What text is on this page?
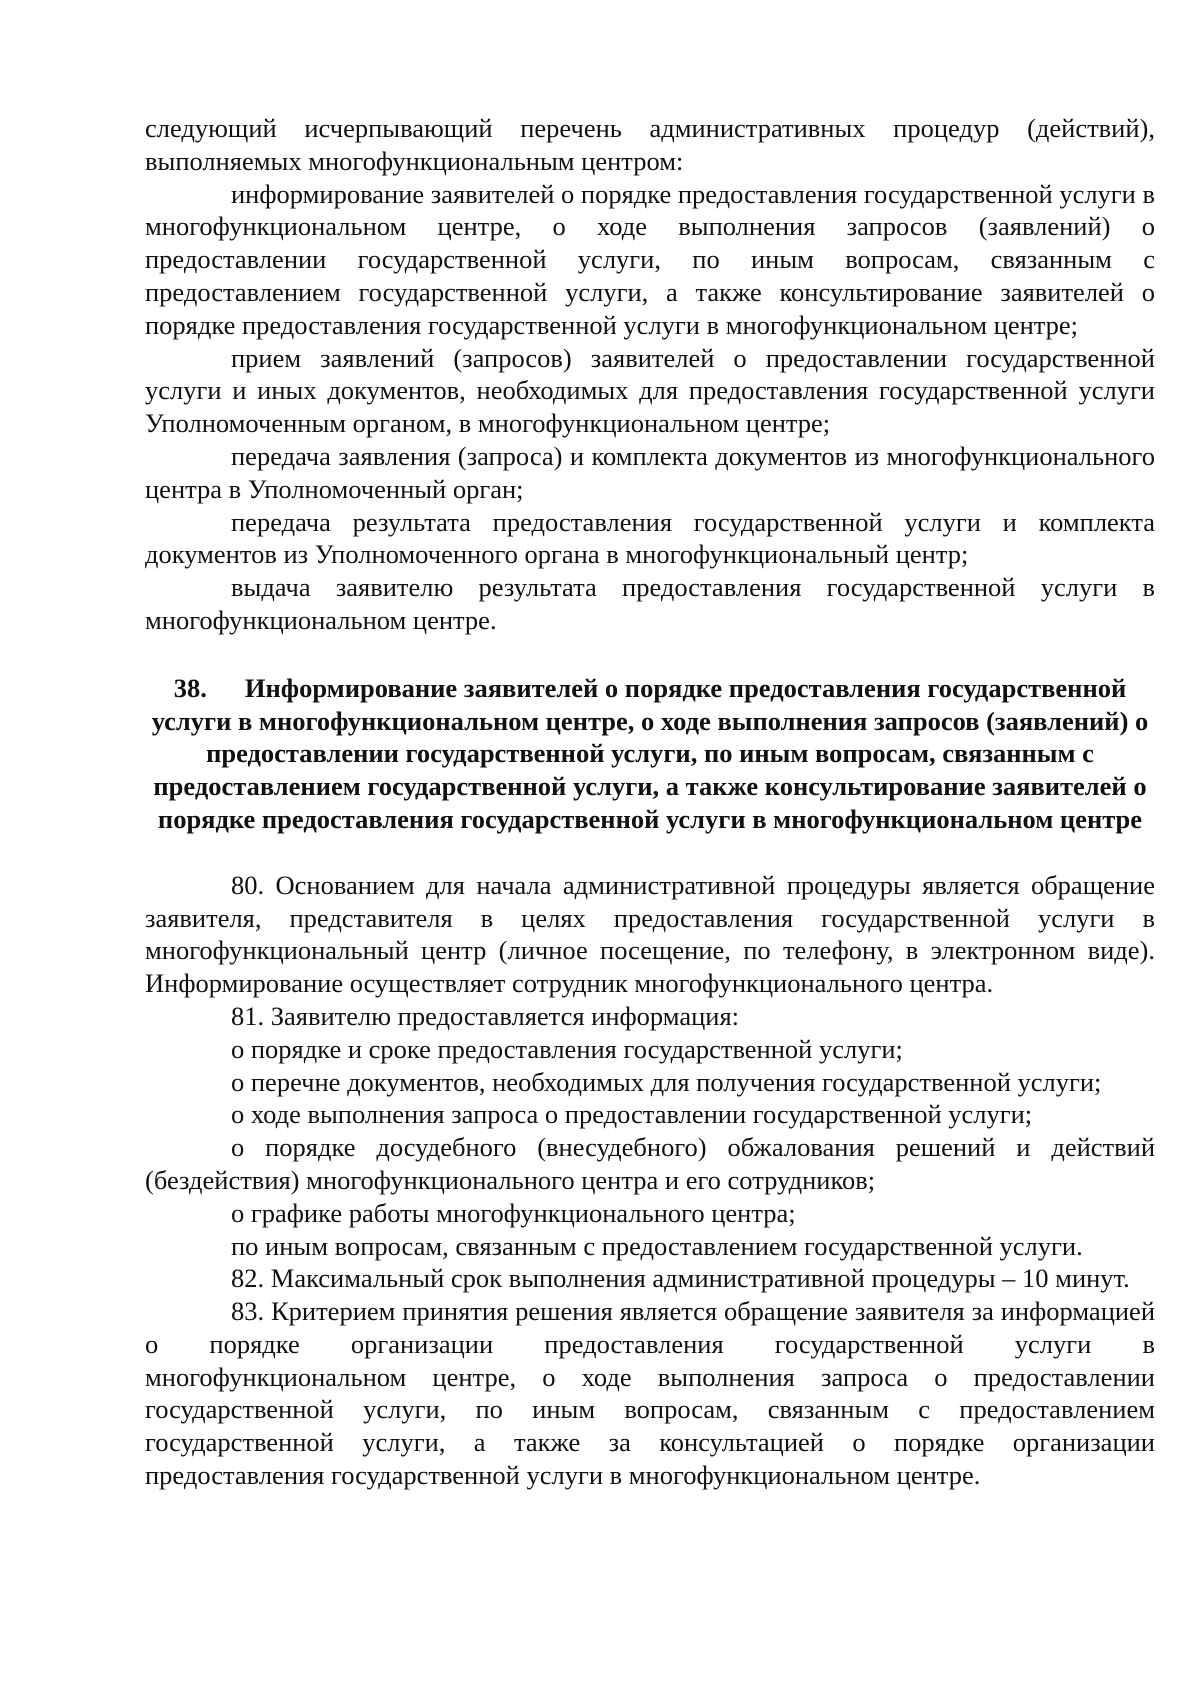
следующий исчерпывающий перечень административных процедур (действий), выполняемых многофункциональным центром:

информирование заявителей о порядке предоставления государственной услуги в многофункциональном центре, о ходе выполнения запросов (заявлений) о предоставлении государственной услуги, по иным вопросам, связанным с предоставлением государственной услуги, а также консультирование заявителей о порядке предоставления государственной услуги в многофункциональном центре;

прием заявлений (запросов) заявителей о предоставлении государственной услуги и иных документов, необходимых для предоставления государственной услуги Уполномоченным органом, в многофункциональном центре;

передача заявления (запроса) и комплекта документов из многофункционального центра в Уполномоченный орган;

передача результата предоставления государственной услуги и комплекта документов из Уполномоченного органа в многофункциональный центр;

выдача заявителю результата предоставления государственной услуги в многофункциональном центре.

38. Информирование заявителей о порядке предоставления государственной услуги в многофункциональном центре, о ходе выполнения запросов (заявлений) о предоставлении государственной услуги, по иным вопросам, связанным с предоставлением государственной услуги, а также консультирование заявителей о порядке предоставления государственной услуги в многофункциональном центре

80. Основанием для начала административной процедуры является обращение заявителя, представителя в целях предоставления государственной услуги в многофункциональный центр (личное посещение, по телефону, в электронном виде). Информирование осуществляет сотрудник многофункционального центра.

81. Заявителю предоставляется информация:

о порядке и сроке предоставления государственной услуги;

о перечне документов, необходимых для получения государственной услуги;

о ходе выполнения запроса о предоставлении государственной услуги;

о порядке досудебного (внесудебного) обжалования решений и действий (бездействия) многофункционального центра и его сотрудников;

о графике работы многофункционального центра;

по иным вопросам, связанным с предоставлением государственной услуги.

82. Максимальный срок выполнения административной процедуры – 10 минут.

83. Критерием принятия решения является обращение заявителя за информацией о порядке организации предоставления государственной услуги в многофункциональном центре, о ходе выполнения запроса о предоставлении государственной услуги, по иным вопросам, связанным с предоставлением государственной услуги, а также за консультацией о порядке организации предоставления государственной услуги в многофункциональном центре.
